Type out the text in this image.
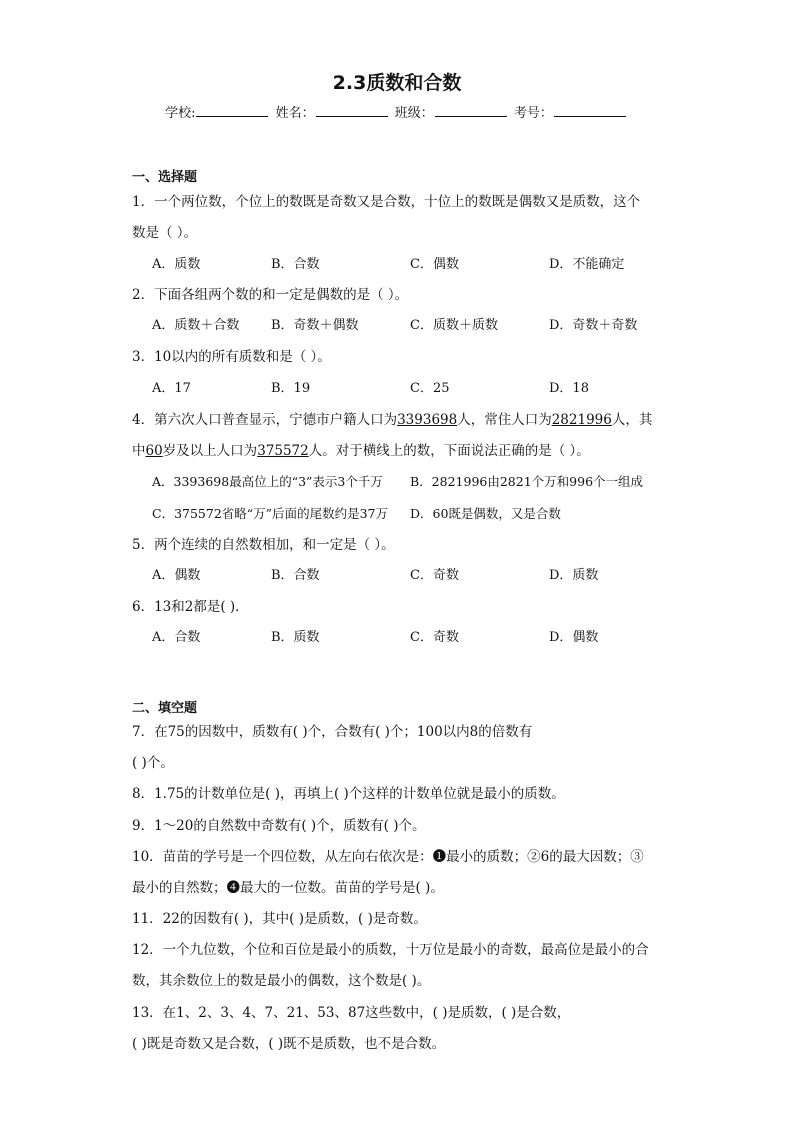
2.3质数和合数
学校:	姓名：	班级：	考号：
一、选择题
1．一个两位数，个位上的数既是奇数又是合数，十位上的数既是偶数又是质数，这个
数是（ ）。
A．质数	B．合数	C．偶数	D．不能确定
2．下面各组两个数的和一定是偶数的是（ ）。
A．质数＋合数 B．奇数＋偶数	C．质数＋质数	D．奇数＋奇数
3．10以内的所有质数和是（ ）。
A．17	B．19	C．25	D．18
4．第六次人口普查显示，宁德市户籍人口为3393698人，常住人口为2821996人，其
中60岁及以上人口为375572人。对于横线上的数，下面说法正确的是（ ）。
A．3393698最高位上的“3”表示3个千万 B．2821996由2821个万和996个一组成
C．375572省略“万”后面的尾数约是37万 D．60既是偶数，又是合数
5．两个连续的自然数相加，和一定是（ ）。
A．偶数	B．合数	C．奇数	D．质数
6．13和2都是( )．
A．合数	B．质数	C．奇数	D．偶数
二、填空题
7．在75的因数中，质数有( )个，合数有( )个；100以内8的倍数有
( )个。
8．1.75的计数单位是( )，再填上( )个这样的计数单位就是最小的质数。
9．1～20的自然数中奇数有( )个，质数有( )个。
10．苗苗的学号是一个四位数，从左向右依次是：❶最小的质数；②6的最大因数；③
最小的自然数；❹最大的一位数。苗苗的学号是( )。
11．22的因数有( )，其中( )是质数，( )是奇数。
12．一个九位数，个位和百位是最小的质数，十万位是最小的奇数，最高位是最小的合
数，其余数位上的数是最小的偶数，这个数是( )。
13．在1、2、3、4、7、21、53、87这些数中，( )是质数，( )是合数，
( )既是奇数又是合数，( )既不是质数，也不是合数。
